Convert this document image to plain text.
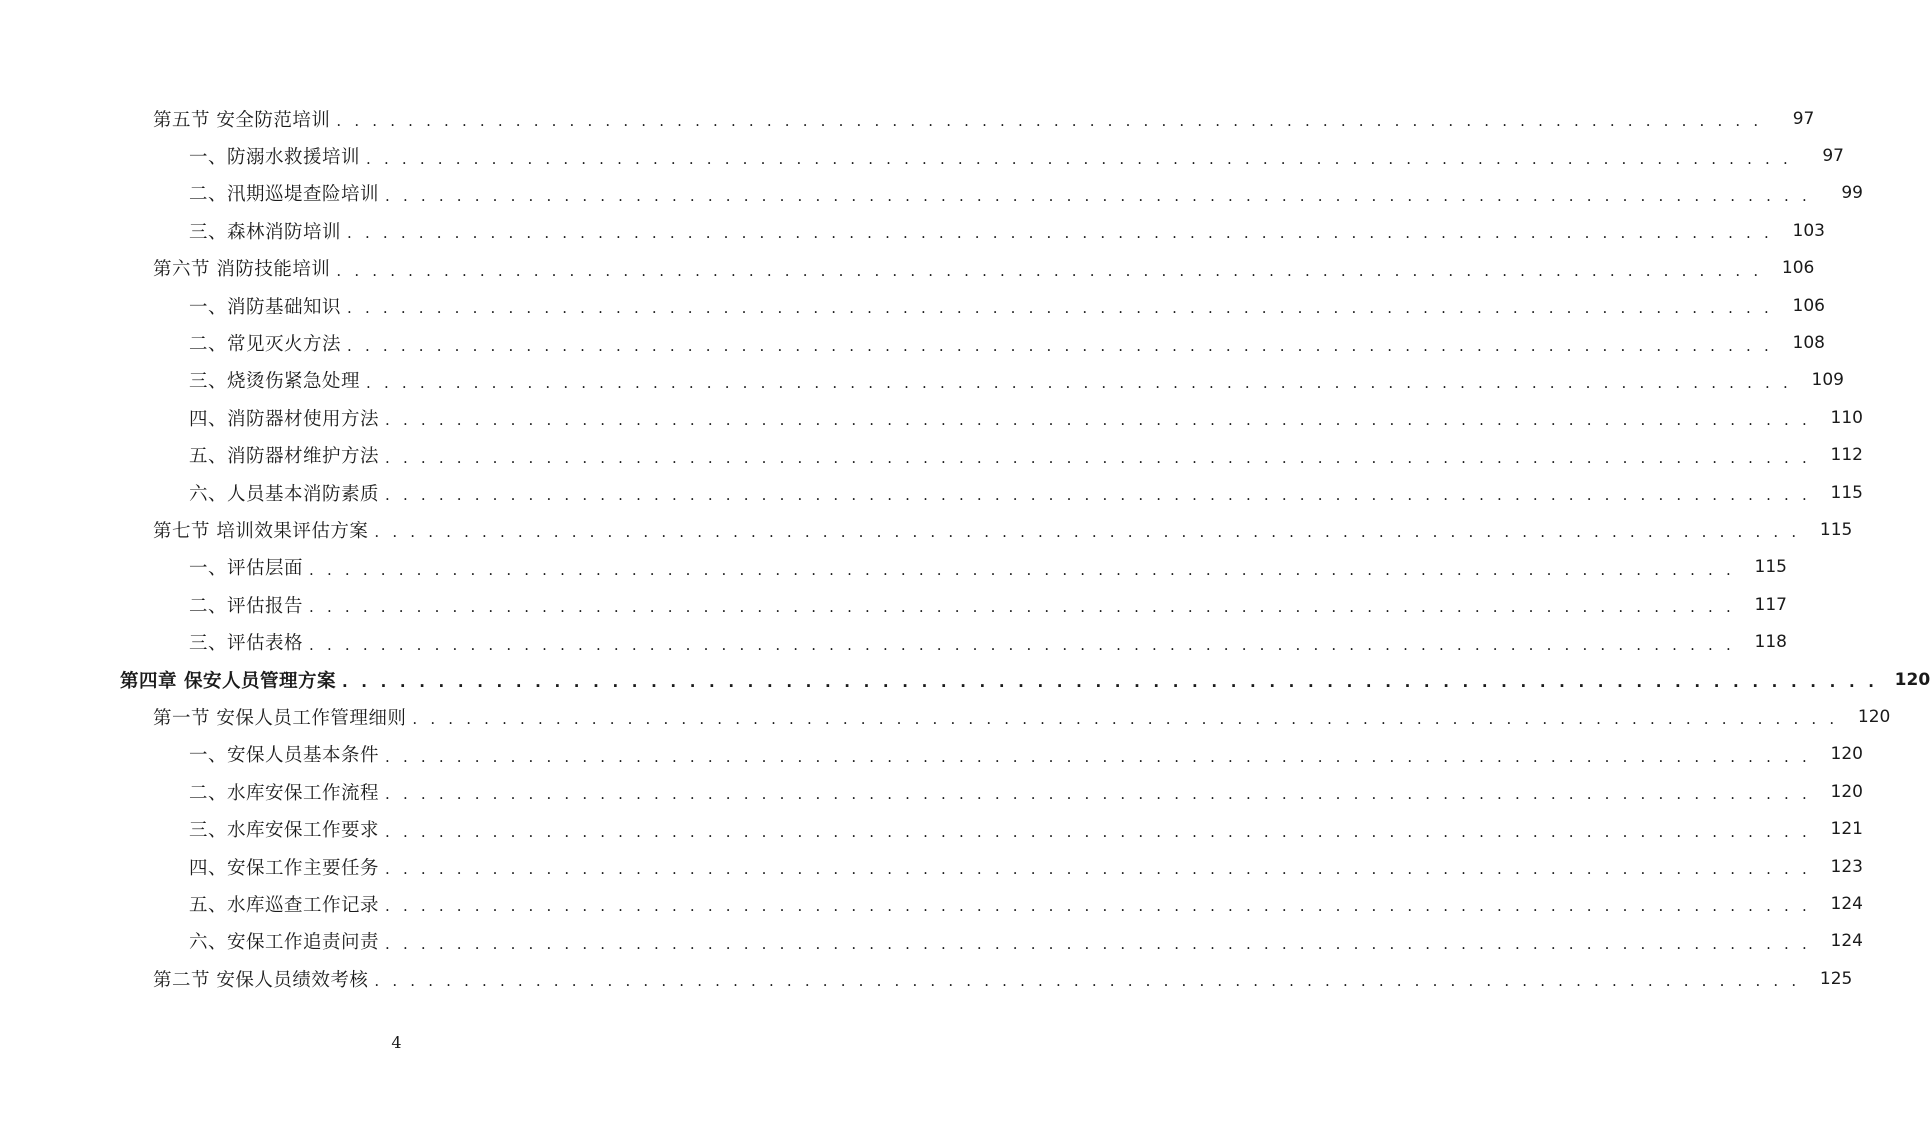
第五节 安全防范培训 . . . . . . . . . . . . . . . . . . . . . . . . . . . . . . . . . . . . . . . . . . . . . . . . . . . . . . . . . . . . . . . . . . . . . . . . . . . . . . . .	97
一、防溺水救援培训 . . . . . . . . . . . . . . . . . . . . . . . . . . . . . . . . . . . . . . . . . . . . . . . . . . . . . . . . . . . . . . . . . . . . . . . . . . . . . . . .	97
二、汛期巡堤查险培训 . . . . . . . . . . . . . . . . . . . . . . . . . . . . . . . . . . . . . . . . . . . . . . . . . . . . . . . . . . . . . . . . . . . . . . . . . . . . . . . .	99
三、森林消防培训 . . . . . . . . . . . . . . . . . . . . . . . . . . . . . . . . . . . . . . . . . . . . . . . . . . . . . . . . . . . . . . . . . . . . . . . . . . . . . . . .	103
第六节 消防技能培训 . . . . . . . . . . . . . . . . . . . . . . . . . . . . . . . . . . . . . . . . . . . . . . . . . . . . . . . . . . . . . . . . . . . . . . . . . . . . . . . .	106
一、消防基础知识 . . . . . . . . . . . . . . . . . . . . . . . . . . . . . . . . . . . . . . . . . . . . . . . . . . . . . . . . . . . . . . . . . . . . . . . . . . . . . . . .	106
二、常见灭火方法 . . . . . . . . . . . . . . . . . . . . . . . . . . . . . . . . . . . . . . . . . . . . . . . . . . . . . . . . . . . . . . . . . . . . . . . . . . . . . . . .	108
三、烧烫伤紧急处理 . . . . . . . . . . . . . . . . . . . . . . . . . . . . . . . . . . . . . . . . . . . . . . . . . . . . . . . . . . . . . . . . . . . . . . . . . . . . . . . .	109
四、消防器材使用方法 . . . . . . . . . . . . . . . . . . . . . . . . . . . . . . . . . . . . . . . . . . . . . . . . . . . . . . . . . . . . . . . . . . . . . . . . . . . . . . . .	110
五、消防器材维护方法 . . . . . . . . . . . . . . . . . . . . . . . . . . . . . . . . . . . . . . . . . . . . . . . . . . . . . . . . . . . . . . . . . . . . . . . . . . . . . . . .	112
六、人员基本消防素质 . . . . . . . . . . . . . . . . . . . . . . . . . . . . . . . . . . . . . . . . . . . . . . . . . . . . . . . . . . . . . . . . . . . . . . . . . . . . . . . .	115
第七节 培训效果评估方案 . . . . . . . . . . . . . . . . . . . . . . . . . . . . . . . . . . . . . . . . . . . . . . . . . . . . . . . . . . . . . . . . . . . . . . . . . . . . . . . .	115
一、评估层面 . . . . . . . . . . . . . . . . . . . . . . . . . . . . . . . . . . . . . . . . . . . . . . . . . . . . . . . . . . . . . . . . . . . . . . . . . . . . . . . .	115
二、评估报告 . . . . . . . . . . . . . . . . . . . . . . . . . . . . . . . . . . . . . . . . . . . . . . . . . . . . . . . . . . . . . . . . . . . . . . . . . . . . . . . .	117
三、评估表格 . . . . . . . . . . . . . . . . . . . . . . . . . . . . . . . . . . . . . . . . . . . . . . . . . . . . . . . . . . . . . . . . . . . . . . . . . . . . . . . .	118
第四章 保安人员管理方案 . . . . . . . . . . . . . . . . . . . . . . . . . . . . . . . . . . . . . . . . . . . . . . . . . . . . . . . . . . . . . . . . . . . . . . . . . . . . . . . . 120
第一节 安保人员工作管理细则 . . . . . . . . . . . . . . . . . . . . . . . . . . . . . . . . . . . . . . . . . . . . . . . . . . . . . . . . . . . . . . . . . . . . . . . . . . . . . . . .	120
一、安保人员基本条件 . . . . . . . . . . . . . . . . . . . . . . . . . . . . . . . . . . . . . . . . . . . . . . . . . . . . . . . . . . . . . . . . . . . . . . . . . . . . . . . .	120
二、水库安保工作流程 . . . . . . . . . . . . . . . . . . . . . . . . . . . . . . . . . . . . . . . . . . . . . . . . . . . . . . . . . . . . . . . . . . . . . . . . . . . . . . . .	120
三、水库安保工作要求 . . . . . . . . . . . . . . . . . . . . . . . . . . . . . . . . . . . . . . . . . . . . . . . . . . . . . . . . . . . . . . . . . . . . . . . . . . . . . . . .	121
四、安保工作主要任务 . . . . . . . . . . . . . . . . . . . . . . . . . . . . . . . . . . . . . . . . . . . . . . . . . . . . . . . . . . . . . . . . . . . . . . . . . . . . . . . .	123
五、水库巡查工作记录 . . . . . . . . . . . . . . . . . . . . . . . . . . . . . . . . . . . . . . . . . . . . . . . . . . . . . . . . . . . . . . . . . . . . . . . . . . . . . . . .	124
六、安保工作追责问责 . . . . . . . . . . . . . . . . . . . . . . . . . . . . . . . . . . . . . . . . . . . . . . . . . . . . . . . . . . . . . . . . . . . . . . . . . . . . . . . .	124
第二节 安保人员绩效考核 . . . . . . . . . . . . . . . . . . . . . . . . . . . . . . . . . . . . . . . . . . . . . . . . . . . . . . . . . . . . . . . . . . . . . . . . . . . . . . . .	125
4
